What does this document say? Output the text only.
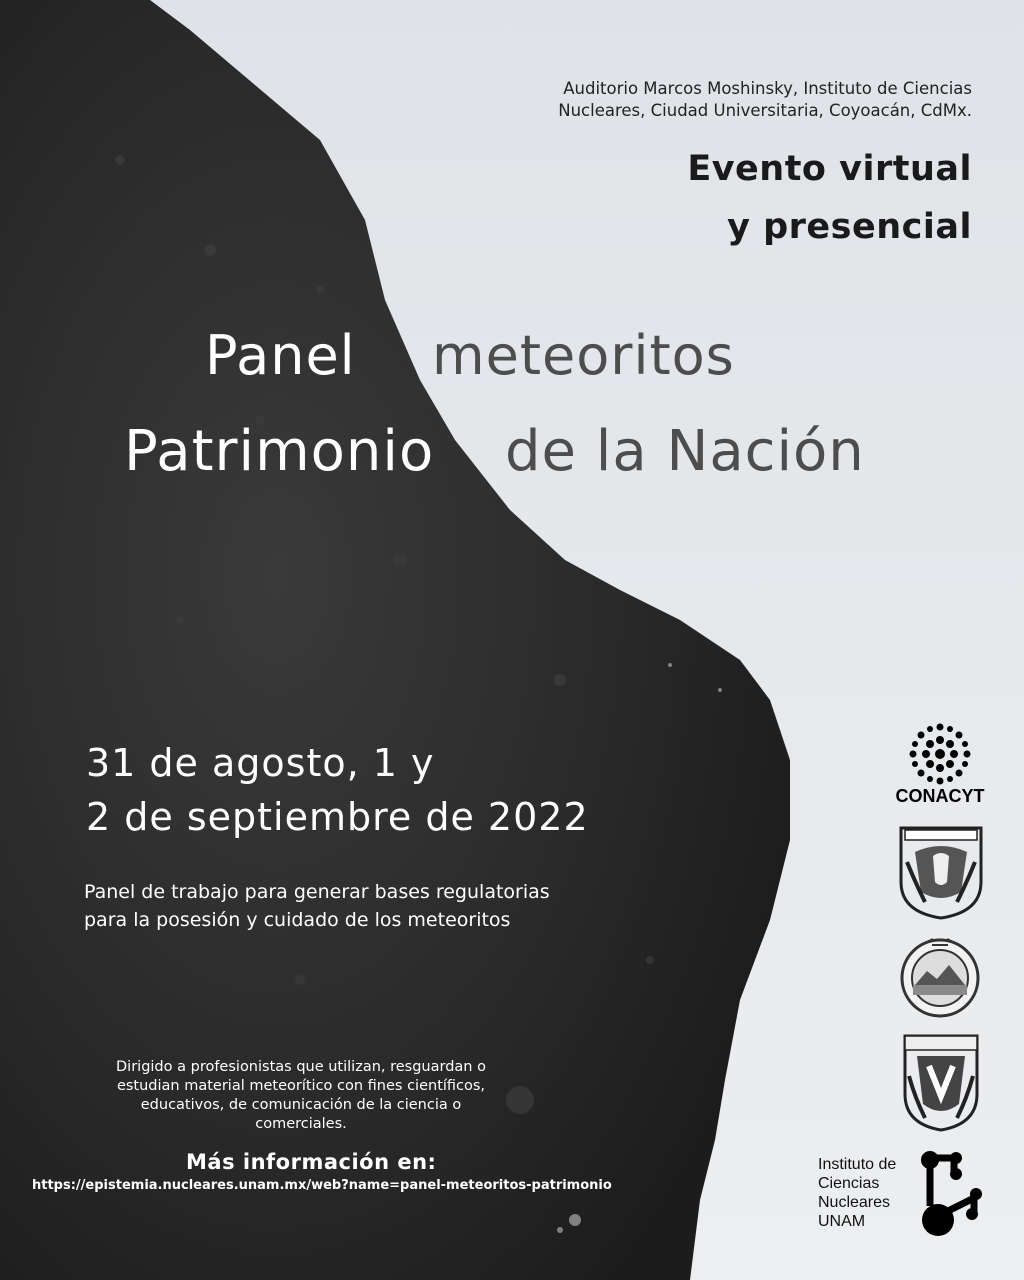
Auditorio Marcos Moshinsky, Instituto de Ciencias
Nucleares, Ciudad Universitaria, Coyoacán, CdMx.

Evento virtual
y presencial

Panel meteoritos
Patrimonio de la Nación
31 de agosto, 1 y
2 de septiembre de 2022
Panel de trabajo para generar bases regulatorias
para la posesión y cuidado de los meteoritos

Dirigido a profesionistas que utilizan, resguardan o estudian material meteorítico con fines científicos, educativos, de comunicación de la ciencia o comerciales.

Más información en:
https://epistemia.nucleares.unam.mx/web?name=panel-meteoritos-patrimonio
CONACYT
Instituto de
Ciencias
Nucleares
UNAM
